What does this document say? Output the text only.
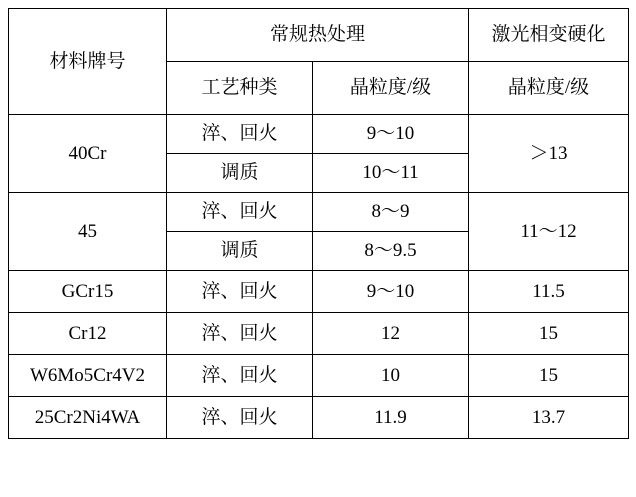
材料牌号	常规热处理		激光相变硬化
	工艺种类	晶粒度/级	晶粒度/级
40Cr	淬、回火	9～10	＞13
	调质	10～11	
45	淬、回火	8～9	11～12
	调质	8～9.5	
GCr15	淬、回火	9～10	11.5
Cr12	淬、回火	12	15
W6Mo5Cr4V2	淬、回火	10	15
25Cr2Ni4WA	淬、回火	11.9	13.7
